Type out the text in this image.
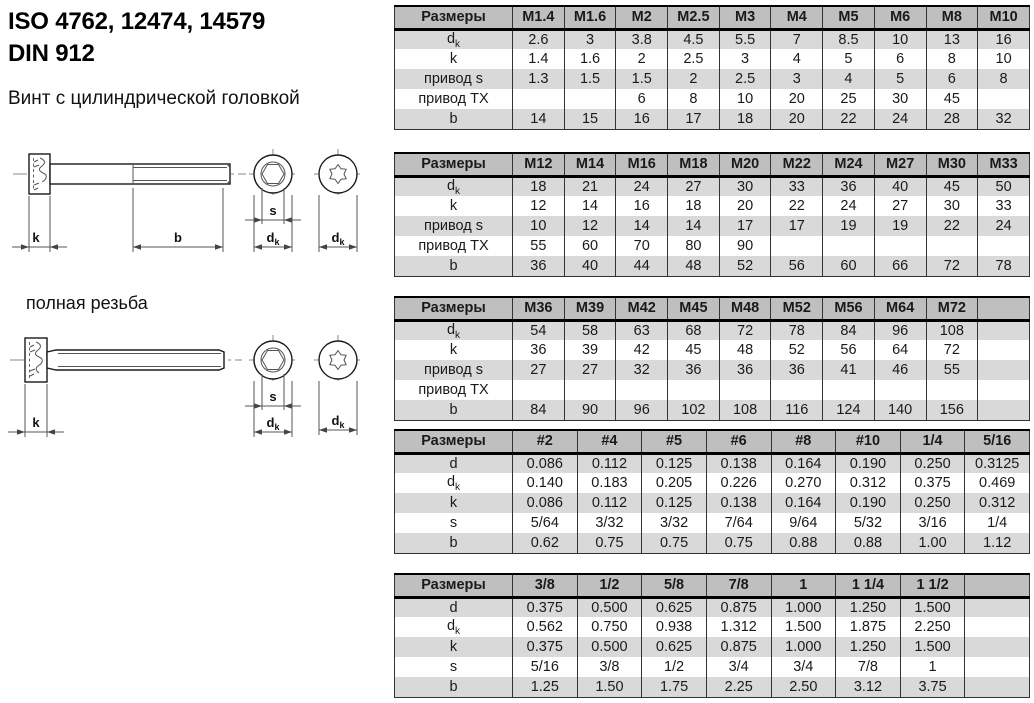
ISO 4762, 12474, 14579
DIN 912
Винт с цилиндрической головкой
k	b
s
$d_k$	$d_k$
полная резьба
k
s
$d_k$	$d_k$
Размеры	M1.4	M1.6	M2	M2.5	M3	M4	M5	M6	M8	M10
$d_k$	2.6	3	3.8	4.5	5.5	7	8.5	10	13	16
k	1.4	1.6	2	2.5	3	4	5	6	8	10
привод s	1.3	1.5	1.5	2	2.5	3	4	5	6	8
привод TX			6	8	10	20	25	30	45	
b	14	15	16	17	18	20	22	24	28	32
Размеры	M12	M14	M16	M18	M20	M22	M24	M27	M30	M33
$d_k$	18	21	24	27	30	33	36	40	45	50
k	12	14	16	18	20	22	24	27	30	33
привод s	10	12	14	14	17	17	19	19	22	24
привод TX	55	60	70	80	90					
b	36	40	44	48	52	56	60	66	72	78
Размеры	M36	M39	M42	M45	M48	M52	M56	M64	M72	
$d_k$	54	58	63	68	72	78	84	96	108	
k	36	39	42	45	48	52	56	64	72	
привод s	27	27	32	36	36	36	41	46	55	
привод TX										
b	84	90	96	102	108	116	124	140	156	
Размеры	#2	#4	#5	#6	#8	#10	1/4	5/16
d	0.086	0.112	0.125	0.138	0.164	0.190	0.250	0.3125
$d_k$	0.140	0.183	0.205	0.226	0.270	0.312	0.375	0.469
k	0.086	0.112	0.125	0.138	0.164	0.190	0.250	0.312
s	5/64	3/32	3/32	7/64	9/64	5/32	3/16	1/4
b	0.62	0.75	0.75	0.75	0.88	0.88	1.00	1.12
Размеры	3/8	1/2	5/8	7/8	1	1 1/4	1 1/2	
d	0.375	0.500	0.625	0.875	1.000	1.250	1.500	
$d_k$	0.562	0.750	0.938	1.312	1.500	1.875	2.250	
k	0.375	0.500	0.625	0.875	1.000	1.250	1.500	
s	5/16	3/8	1/2	3/4	3/4	7/8	1	
b	1.25	1.50	1.75	2.25	2.50	3.12	3.75	
